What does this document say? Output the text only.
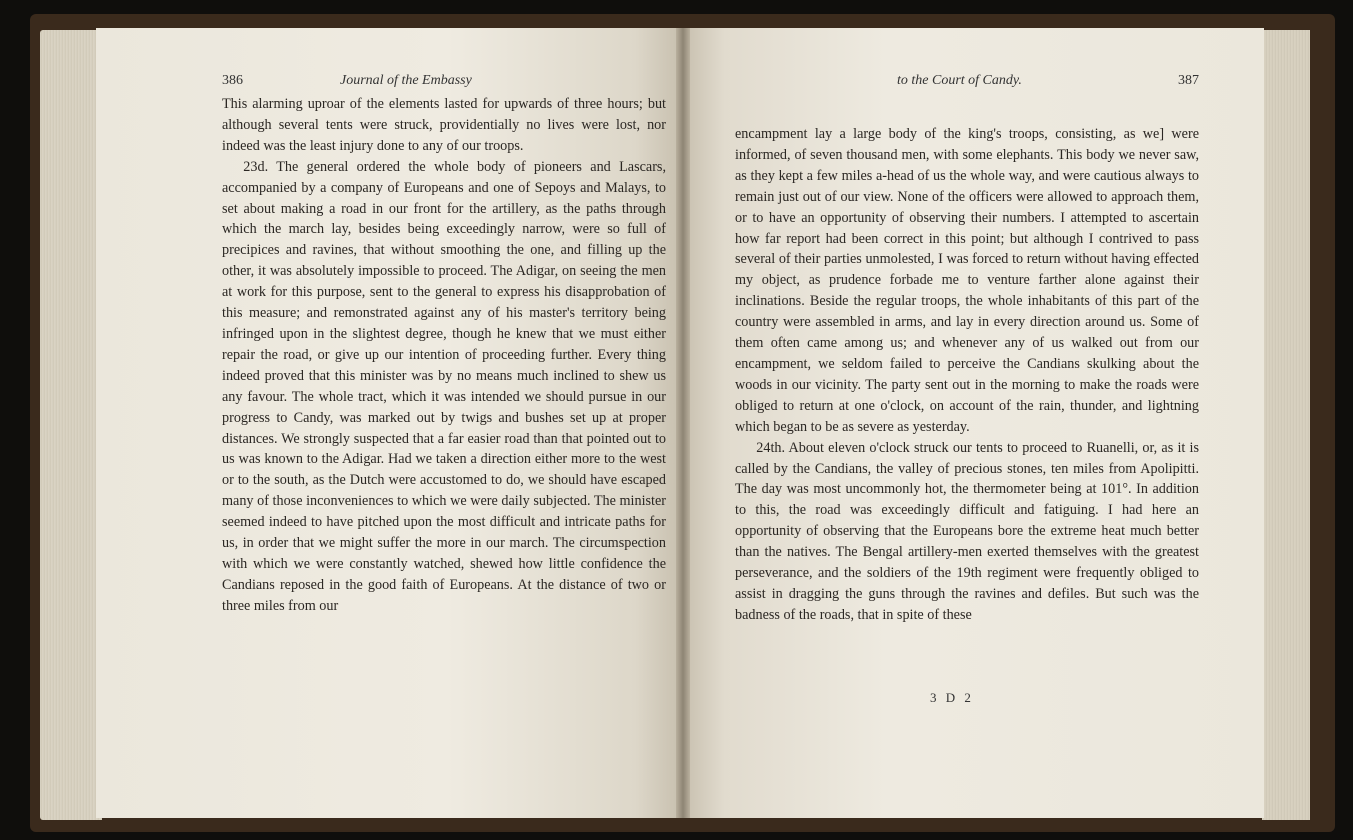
386	Journal of the Embassy

This alarming uproar of the elements lasted for upwards of three hours; but although several tents were struck, providentially no lives were lost, nor indeed was the least injury done to any of our troops.

23d. The general ordered the whole body of pioneers and Lascars, accompanied by a company of Europeans and one of Sepoys and Malays, to set about making a road in our front for the artillery, as the paths through which the march lay, besides being exceedingly narrow, were so full of precipices and ravines, that without smoothing the one, and filling up the other, it was absolutely impossible to proceed. The Adigar, on seeing the men at work for this purpose, sent to the general to express his disapprobation of this measure; and remonstrated against any of his master's territory being infringed upon in the slightest degree, though he knew that we must either repair the road, or give up our intention of proceeding further. Every thing indeed proved that this minister was by no means much inclined to shew us any favour. The whole tract, which it was intended we should pursue in our progress to Candy, was marked out by twigs and bushes set up at proper distances. We strongly suspected that a far easier road than that pointed out to us was known to the Adigar. Had we taken a direction either more to the west or to the south, as the Dutch were accustomed to do, we should have escaped many of those inconveniences to which we were daily subjected. The minister seemed indeed to have pitched upon the most difficult and intricate paths for us, in order that we might suffer the more in our march. The circumspection with which we were constantly watched, shewed how little confidence the Candians reposed in the good faith of Europeans. At the distance of two or three miles from our

to the Court of Candy.	387

encampment lay a large body of the king's troops, consisting, as we] were informed, of seven thousand men, with some elephants. This body we never saw, as they kept a few miles a-head of us the whole way, and were cautious always to remain just out of our view. None of the officers were allowed to approach them, or to have an opportunity of observing their numbers. I attempted to ascertain how far report had been correct in this point; but although I contrived to pass several of their parties unmolested, I was forced to return without having effected my object, as prudence forbade me to venture farther alone against their inclinations. Beside the regular troops, the whole inhabitants of this part of the country were assembled in arms, and lay in every direction around us. Some of them often came among us; and whenever any of us walked out from our encampment, we seldom failed to perceive the Candians skulking about the woods in our vicinity. The party sent out in the morning to make the roads were obliged to return at one o'clock, on account of the rain, thunder, and lightning which began to be as severe as yesterday.

24th. About eleven o'clock struck our tents to proceed to Ruanelli, or, as it is called by the Candians, the valley of precious stones, ten miles from Apolipitti. The day was most uncommonly hot, the thermometer being at 101°. In addition to this, the road was exceedingly difficult and fatiguing. I had here an opportunity of observing that the Europeans bore the extreme heat much better than the natives. The Bengal artillery-men exerted themselves with the greatest perseverance, and the soldiers of the 19th regiment were frequently obliged to assist in dragging the guns through the ravines and defiles. But such was the badness of the roads, that in spite of these

3 D 2
